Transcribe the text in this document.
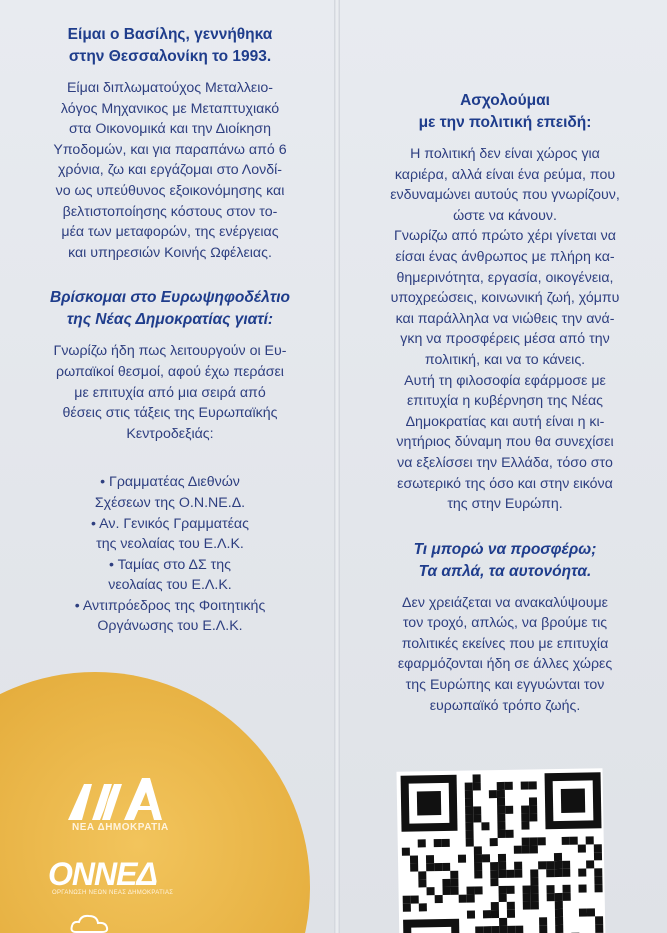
Είμαι ο Βασίλης, γεννήθηκα
στην Θεσσαλονίκη το 1993.

Είμαι διπλωματούχος Μεταλλειο-
λόγος Μηχανικος με Μεταπτυχιακό
στα Οικονομικά και την Διοίκηση
Υποδομών, και για παραπάνω από 6
χρόνια, ζω και εργάζομαι στο Λονδί-
νο ως υπεύθυνος εξοικονόμησης και
βελτιστοποίησης κόστους στον το-
μέα των μεταφορών, της ενέργειας
και υπηρεσιών Κοινής Ωφέλειας.

Βρίσκομαι στο Ευρωψηφοδέλτιο
της Νέας Δημοκρατίας γιατί:

Γνωρίζω ήδη πως λειτουργούν οι Ευ-
ρωπαϊκοί θεσμοί, αφού έχω περάσει
με επιτυχία από μια σειρά από
θέσεις στις τάξεις της Ευρωπαϊκής
Κεντροδεξιάς:

• Γραμματέας Διεθνών
Σχέσεων της Ο.Ν.ΝΕ.Δ.
• Αν. Γενικός Γραμματέας
της νεολαίας του Ε.Λ.Κ.
• Ταμίας στο ΔΣ της
νεολαίας του Ε.Λ.Κ.
• Αντιπρόεδρος της Φοιτητικής
Οργάνωσης του Ε.Λ.Κ.
Ασχολούμαι
με την πολιτική επειδή:

Η πολιτική δεν είναι χώρος για
καριέρα, αλλά είναι ένα ρεύμα, που
ενδυναμώνει αυτούς που γνωρίζουν,
ώστε να κάνουν.
Γνωρίζω από πρώτο χέρι γίνεται να
είσαι ένας άνθρωπος με πλήρη κα-
θημερινότητα, εργασία, οικογένεια,
υποχρεώσεις, κοινωνική ζωή, χόμπυ
και παράλληλα να νιώθεις την ανά-
γκη να προσφέρεις μέσα από την
πολιτική, και να το κάνεις.
Αυτή τη φιλοσοφία εφάρμοσε με
επιτυχία η κυβέρνηση της Νέας
Δημοκρατίας και αυτή είναι η κι-
νητήριος δύναμη που θα συνεχίσει
να εξελίσσει την Ελλάδα, τόσο στο
εσωτερικό της όσο και στην εικόνα
της στην Ευρώπη.

Τι μπορώ να προσφέρω;
Τα απλά, τα αυτονόητα.

Δεν χρειάζεται να ανακαλύψουμε
τον τροχό, απλώς, να βρούμε τις
πολιτικές εκείνες που με επιτυχία
εφαρμόζονται ήδη σε άλλες χώρες
της Ευρώπης και εγγυώνται τον
ευρωπαϊκό τρόπο ζωής.

ΝΕΑ ΔΗΜΟΚΡΑΤΙΑ
ΟΝΝΕΔ
ΟΡΓΑΝΩΣΗ ΝΕΩΝ ΝΕΑΣ ΔΗΜΟΚΡΑΤΙΑΣ
